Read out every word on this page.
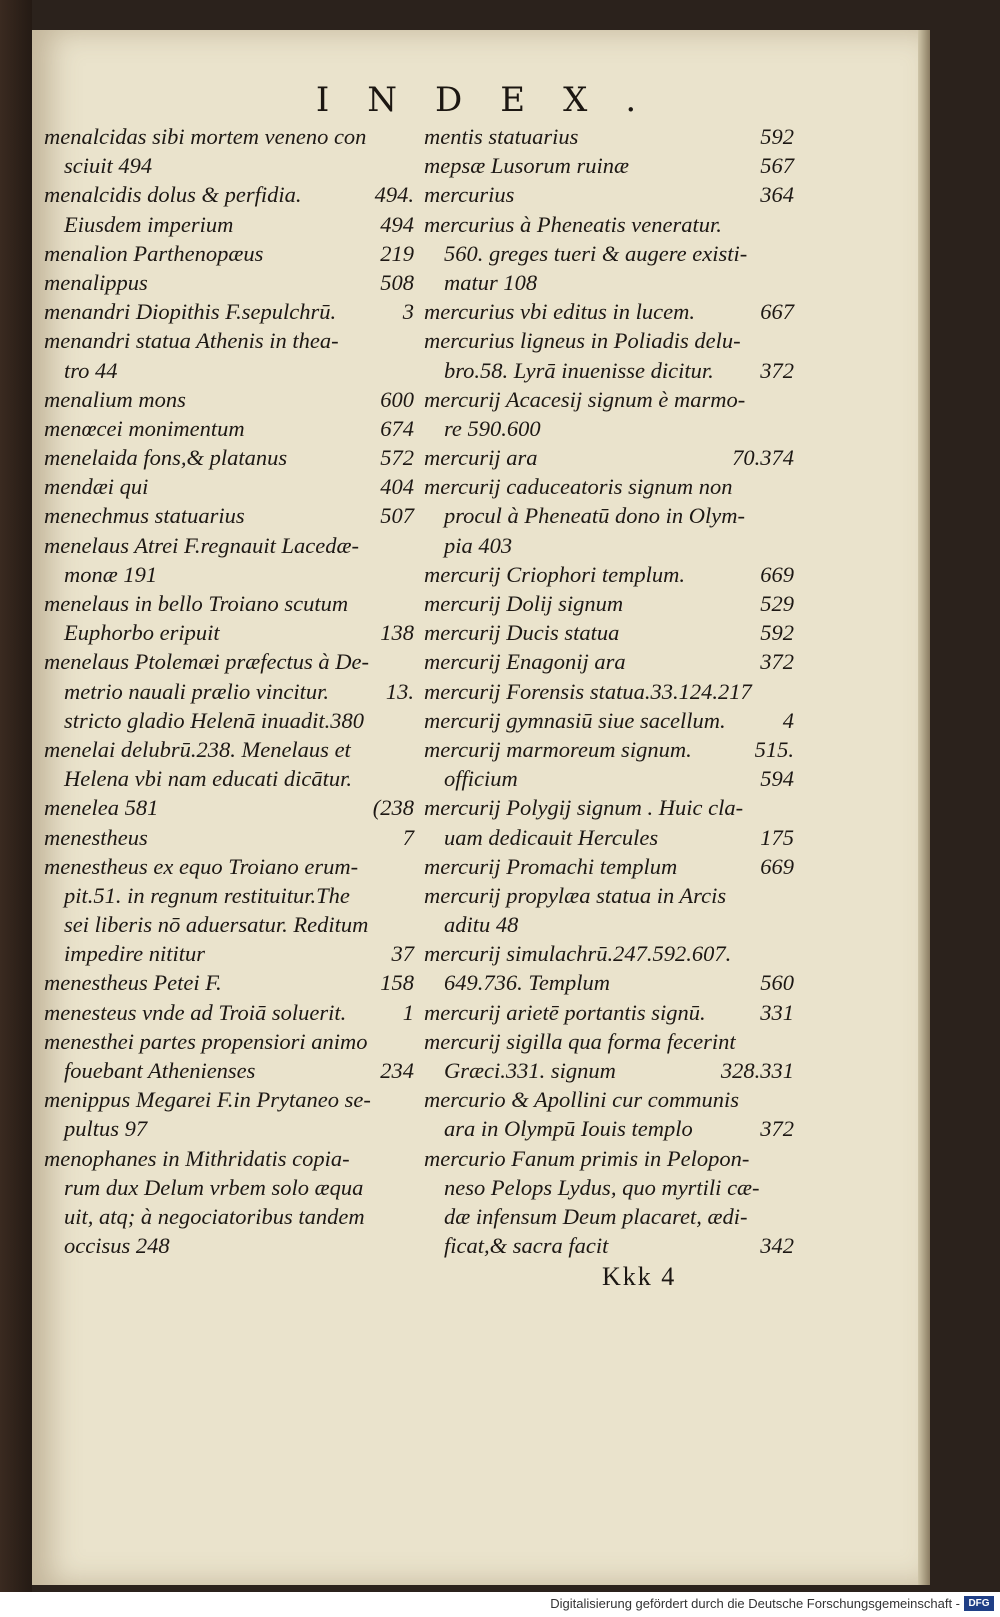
INDEX.
menalcidas sibi mortem veneno con
sciuit 494
menalcidis dolus & perfidia.	494.
Eiusdem imperium	494
menalion Parthenopæus	219
menalippus	508
menandri Diopithis F.sepulchrū.	3
menandri statua Athenis in thea-
tro 44
menalium mons	600
menœcei monimentum	674
menelaida fons,& platanus	572
mendæi qui	404
menechmus statuarius	507
menelaus Atrei F.regnauit Lacedæ-
monæ 191
menelaus in bello Troiano scutum
Euphorbo eripuit	138
menelaus Ptolemæi præfectus à De-
metrio nauali prælio vincitur.	13.
stricto gladio Helenā inuadit.380
menelai delubrū.238. Menelaus et
Helena vbi nam educati dicātur.
menelea 581	(238
menestheus	7
menestheus ex equo Troiano erum-
pit.51. in regnum restituitur.The
sei liberis nō aduersatur. Reditum
impedire nititur	37
menestheus Petei F.	158
menesteus vnde ad Troiā soluerit.	1
menesthei partes propensiori animo
fouebant Athenienses	234
menippus Megarei F.in Prytaneo se-
pultus 97
menophanes in Mithridatis copia-
rum dux Delum vrbem solo æqua
uit, atq; à negociatoribus tandem
occisus 248
mentis statuarius	592
mepsæ Lusorum ruinæ	567
mercurius	364
mercurius à Pheneatis veneratur.
560. greges tueri & augere existi-
matur 108
mercurius vbi editus in lucem.	667
mercurius ligneus in Poliadis delu-
bro.58. Lyrā inuenisse dicitur. 372
mercurij Acacesij signum è marmo-
re 590.600
mercurij ara	70.374
mercurij caduceatoris signum non
procul à Pheneatū dono in Olym-
pia 403
mercurij Criophori templum.	669
mercurij Dolij signum	529
mercurij Ducis statua	592
mercurij Enagonij ara	372
mercurij Forensis statua.33.124.217
mercurij gymnasiū siue sacellum.	4
mercurij marmoreum signum.	515.
officium	594
mercurij Polygij signum . Huic cla-
uam dedicauit Hercules	175
mercurij Promachi templum	669
mercurij propylæa statua in Arcis
aditu 48
mercurij simulachrū.247.592.607.
649.736. Templum	560
mercurij arietē portantis signū. 331
mercurij sigilla qua forma fecerint
Græci.331. signum	328.331
mercurio & Apollini cur communis
ara in Olympū Iouis templo	372
mercurio Fanum primis in Pelopon-
neso Pelops Lydus, quo myrtili cæ-
dæ infensum Deum placaret, ædi-
ficat,& sacra facit	342
Kkk 4
Digitalisierung gefördert durch die Deutsche Forschungsgemeinschaft - DFG
